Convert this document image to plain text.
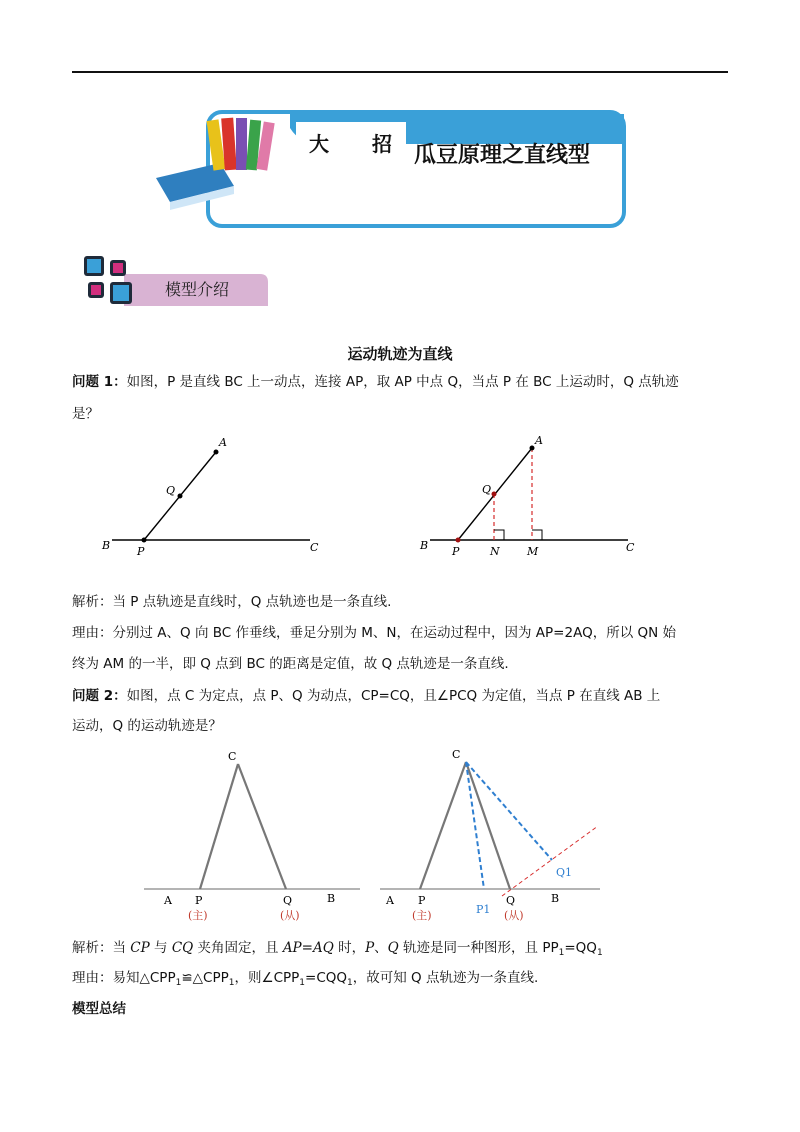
大 招 瓜豆原理之直线型
模型介绍
运动轨迹为直线
问题 1：如图，P 是直线 BC 上一动点，连接 AP，取 AP 中点 Q，当点 P 在 BC 上运动时，Q 点轨迹
是？
A
Q
B P	C
A
Q
B P	N M	C
解析：当 P 点轨迹是直线时，Q 点轨迹也是一条直线.
理由：分别过 A、Q 向 BC 作垂线，垂足分别为 M、N，在运动过程中，因为 AP=2AQ，所以 QN 始
终为 AM 的一半，即 Q 点到 BC 的距离是定值，故 Q 点轨迹是一条直线.
问题 2：如图，点 C 为定点，点 P、Q 为动点，CP=CQ，且∠PCQ 为定值，当点 P 在直线 AB 上
运动，Q 的运动轨迹是？
C
A P	Q	B
(主)	(从)
C
A P	Q	B
(主)	(从)
P1
Q1
解析：当 CP 与 CQ 夹角固定，且 AP=AQ 时，P、Q 轨迹是同一种图形，且 $PP_1=QQ_1$
理由：易知$\triangle CPP_1≌\triangle CPP_1$，则$\angle CPP_1=CQQ_1$，故可知 Q 点轨迹为一条直线.
模型总结
